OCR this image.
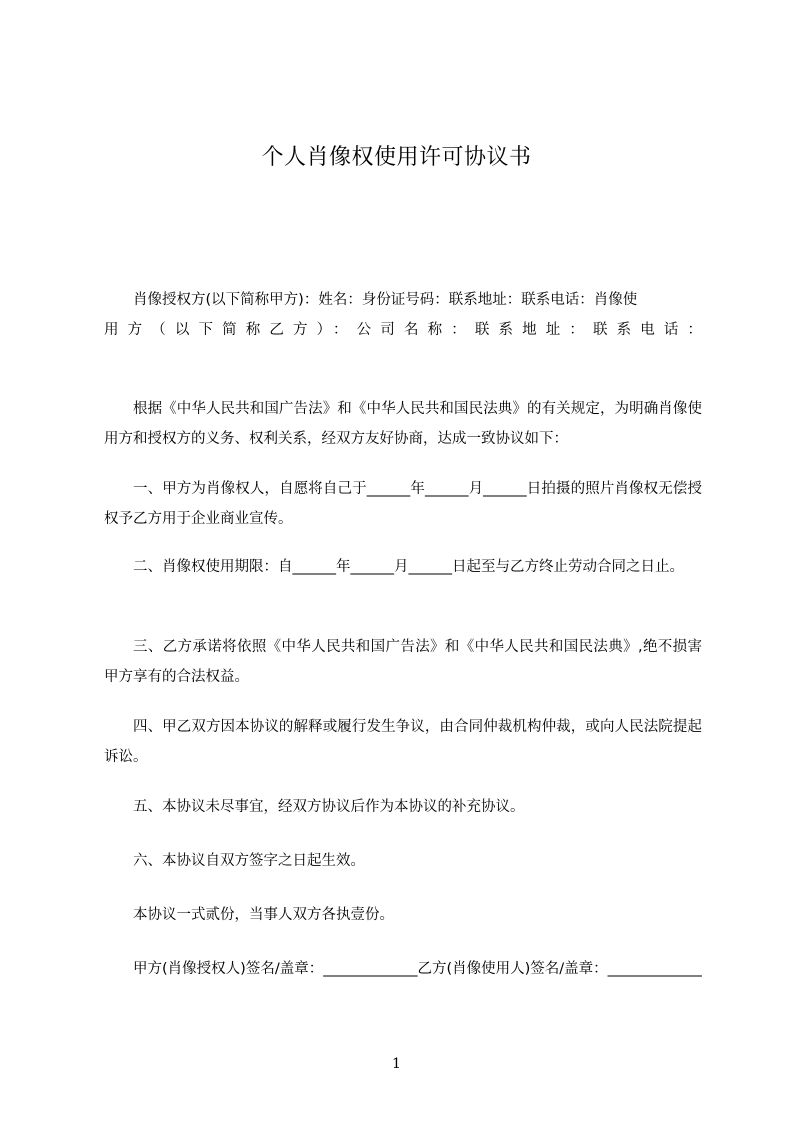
个人肖像权使用许可协议书
肖像授权方(以下简称甲方)：姓名：身份证号码：联系地址：联系电话：肖像使
用方（以下简称乙方）：公司名称：联系地址：联系电话：

根据《中华人民共和国广告法》和《中华人民共和国民法典》的有关规定，为明确肖像使用方和授权方的义务、权利关系，经双方友好协商，达成一致协议如下：

一、甲方为肖像权人，自愿将自己于______年______月______日拍摄的照片肖像权无偿授权予乙方用于企业商业宣传。

二、肖像权使用期限：自______年______月______日起至与乙方终止劳动合同之日止。

三、乙方承诺将依照《中华人民共和国广告法》和《中华人民共和国民法典》,绝不损害甲方享有的合法权益。

四、甲乙双方因本协议的解释或履行发生争议，由合同仲裁机构仲裁，或向人民法院提起诉讼。

五、本协议未尽事宜，经双方协议后作为本协议的补充协议。

六、本协议自双方签字之日起生效。

本协议一式贰份，当事人双方各执壹份。

甲方(肖像授权人)签名/盖章：_____________乙方(肖像使用人)签名/盖章：_____________

1
